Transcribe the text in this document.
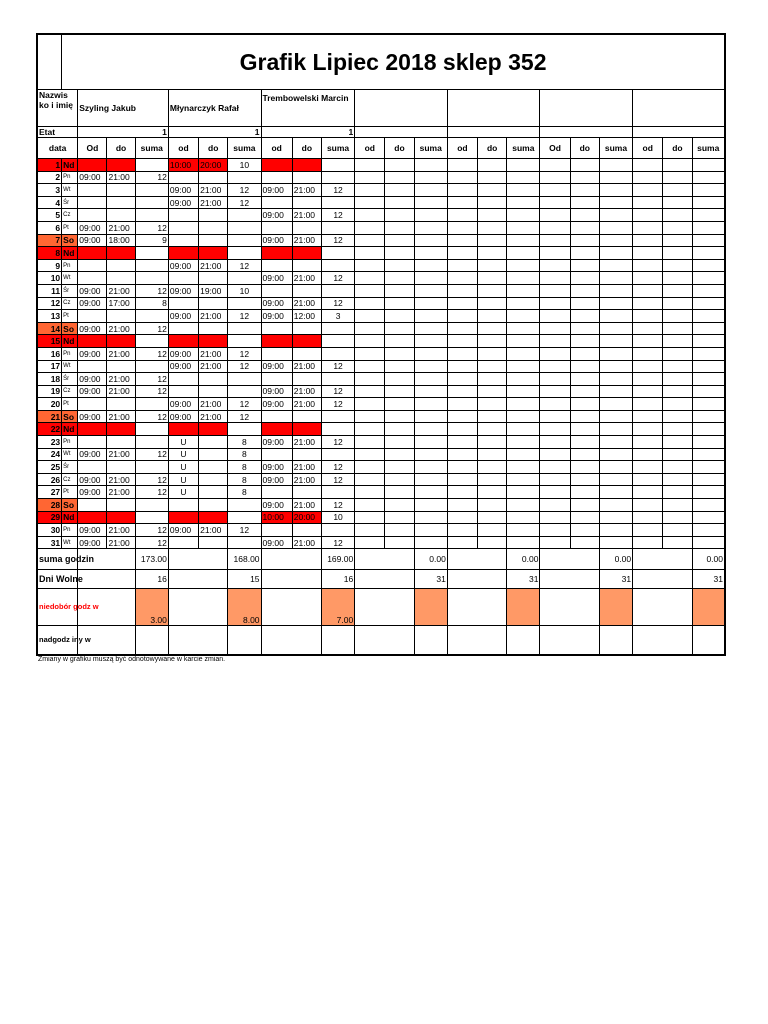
	Grafik Lipiec 2018 sklep 352																					
Nazwis ko i imię		Szyling Jakub			Młynarczyk Rafał			Trembowelski Marcin														
Etat		1			1			1														
data		Od	do	suma	od	do	suma	od	do	suma	od	do	suma	od	do	suma	Od	do	suma	od	do	suma
1	Nd				10:00	20:00	10															
2	Pn	09:00	21:00	12																		
3	Wt				09:00	21:00	12	09:00	21:00	12												
4	Śr				09:00	21:00	12															
5	Cz							09:00	21:00	12												
6	Pt	09:00	21:00	12																		
7	So	09:00	18:00	9				09:00	21:00	12												
8	Nd																					
9	Pn				09:00	21:00	12															
10	Wt							09:00	21:00	12												
11	Śr	09:00	21:00	12	09:00	19:00	10															
12	Cz	09:00	17:00	8				09:00	21:00	12												
13	Pt				09:00	21:00	12	09:00	12:00	3												
14	So	09:00	21:00	12																		
15	Nd																					
16	Pn	09:00	21:00	12	09:00	21:00	12															
17	Wt				09:00	21:00	12	09:00	21:00	12												
18	Śr	09:00	21:00	12																		
19	Cz	09:00	21:00	12				09:00	21:00	12												
20	Pt				09:00	21:00	12	09:00	21:00	12												
21	So	09:00	21:00	12	09:00	21:00	12															
22	Nd																					
23	Pn				U		8	09:00	21:00	12												
24	Wt	09:00	21:00	12	U		8															
25	Śr				U		8	09:00	21:00	12												
26	Cz	09:00	21:00	12	U		8	09:00	21:00	12												
27	Pt	09:00	21:00	12	U		8															
28	So							09:00	21:00	12												
29	Nd							10:00	20:00	10												
30	Pn	09:00	21:00	12	09:00	21:00	12															
31	Wt	09:00	21:00	12				09:00	21:00	12												
suma godzin				173.00			168.00			169.00			0.00			0.00			0.00			0.00
Dni Wolne				16			15			16			31			31			31			31
niedobór godz w				3.00			8.00			7.00												
nadgodz iny w																						
Zmiany w grafiku muszą być odnotowywane w karcie zmian.
